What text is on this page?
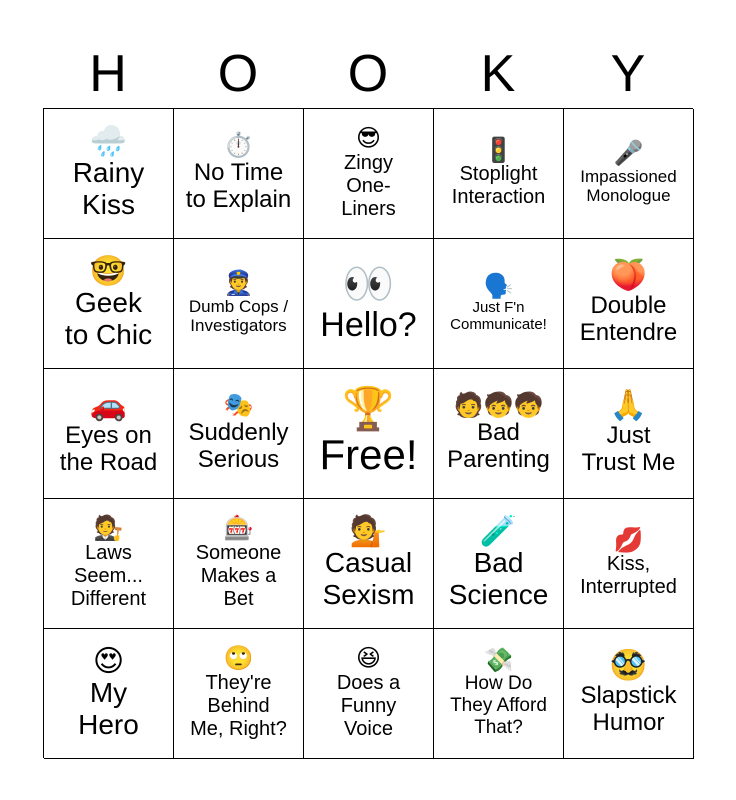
H	O	O	K	Y
🌧️
Rainy
Kiss
⏱️
No Time
to Explain
😎
Zingy
One-
Liners
🚦
Stoplight
Interaction
🎤
Impassioned
Monologue
🤓
Geek
to Chic
👮
Dumb Cops /
Investigators
👀
Hello?
🗣️
Just F'n
Communicate!
🍑
Double
Entendre
🚗
Eyes on
the Road
🎭
Suddenly
Serious
🏆
Free!
🧑🧒🧒
Bad
Parenting
🙏
Just
Trust Me
🧑‍⚖️
Laws
Seem...
Different
🎰
Someone
Makes a
Bet
💁
Casual
Sexism
🧪
Bad
Science
💋
Kiss,
Interrupted
😍
My
Hero
🙄
They're
Behind
Me, Right?
😆
Does a
Funny
Voice
💸
How Do
They Afford
That?
🥸
Slapstick
Humor
